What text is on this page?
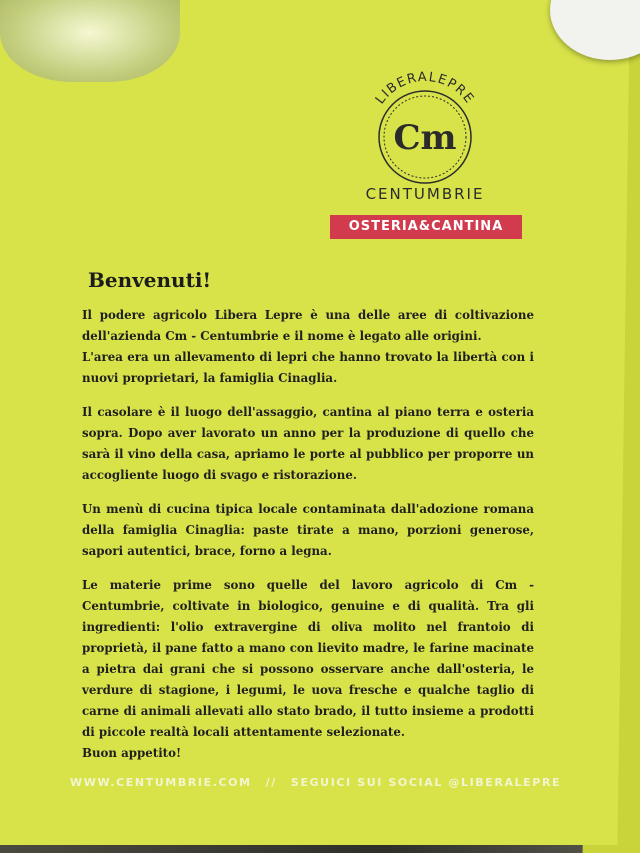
LIBERALEPRE
Cm
CENTUMBRIE
OSTERIA&CANTINA
Benvenuti!

Il podere agricolo Libera Lepre è una delle aree di coltivazione dell'azienda Cm - Centumbrie e il nome è legato alle origini.

L'area era un allevamento di lepri che hanno trovato la libertà con i nuovi proprietari, la famiglia Cinaglia.

Il casolare è il luogo dell'assaggio, cantina al piano terra e osteria sopra. Dopo aver lavorato un anno per la produzione di quello che sarà il vino della casa, apriamo le porte al pubblico per proporre un accogliente luogo di svago e ristorazione.

Un menù di cucina tipica locale contaminata dall'adozione romana della famiglia Cinaglia: paste tirate a mano, porzioni generose, sapori autentici, brace, forno a legna.

Le materie prime sono quelle del lavoro agricolo di Cm - Centumbrie, coltivate in biologico, genuine e di qualità. Tra gli ingredienti: l'olio extravergine di oliva molito nel frantoio di proprietà, il pane fatto a mano con lievito madre, le farine macinate a pietra dai grani che si possono osservare anche dall'osteria, le verdure di stagione, i legumi, le uova fresche e qualche taglio di carne di animali allevati allo stato brado, il tutto insieme a prodotti di piccole realtà locali attentamente selezionate.

Buon appetito!

WWW.CENTUMBRIE.COM // SEGUICI SUI SOCIAL @LIBERALEPRE
